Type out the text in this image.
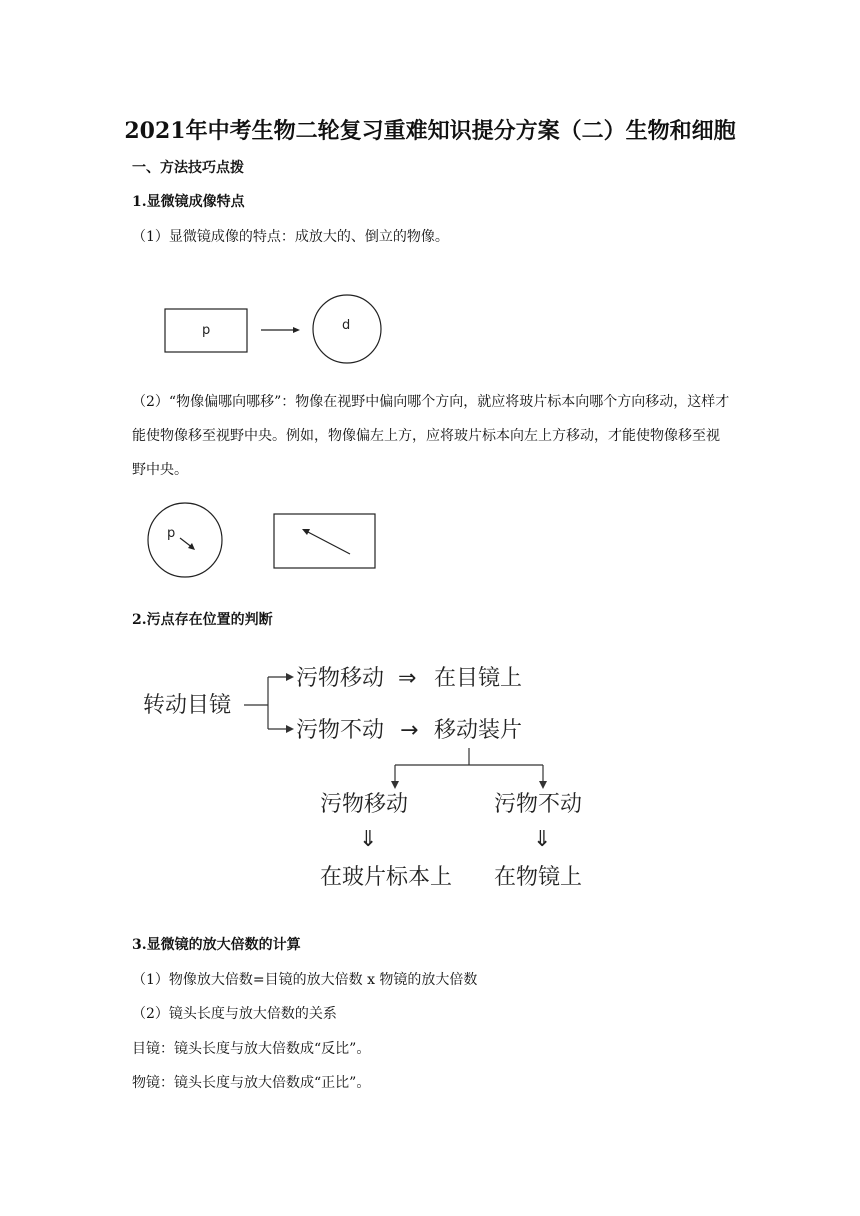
2021年中考生物二轮复习重难知识提分方案（二）生物和细胞
一、方法技巧点拨
1.显微镜成像特点
（1）显微镜成像的特点：成放大的、倒立的物像。
p	d
p
转动目镜
污物移动 ⇒ 在目镜上
污物不动 → 移动装片
污物移动	污物不动
⇓	⇓
在玻片标本上 在物镜上
（2）“物像偏哪向哪移”：物像在视野中偏向哪个方向，就应将玻片标本向哪个方向移动，这样才能使物像移至视野中央。例如，物像偏左上方，应将玻片标本向左上方移动，才能使物像移至视野中央。
2.污点存在位置的判断
3.显微镜的放大倍数的计算
（1）物像放大倍数=目镜的放大倍数 x 物镜的放大倍数
（2）镜头长度与放大倍数的关系
目镜：镜头长度与放大倍数成“反比”。
物镜：镜头长度与放大倍数成“正比”。
